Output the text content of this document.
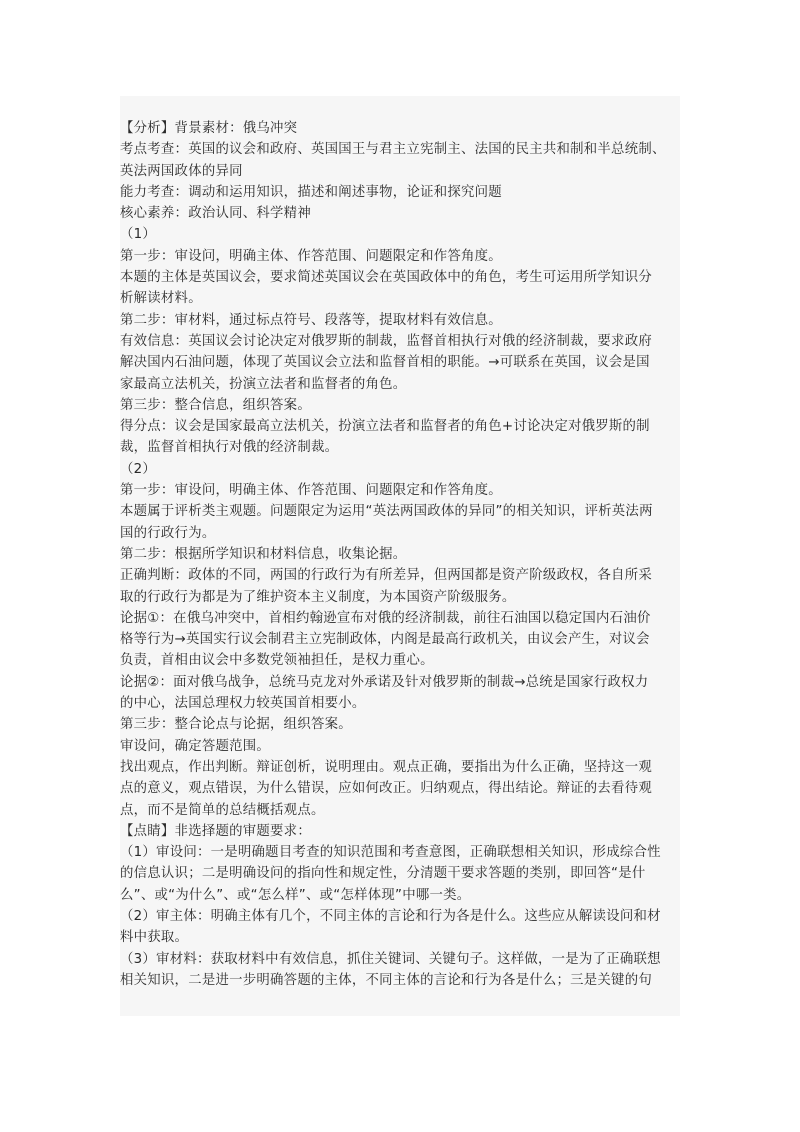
【分析】背景素材：俄乌冲突
考点考查：英国的议会和政府、英国国王与君主立宪制主、法国的民主共和制和半总统制、
英法两国政体的异同
能力考查：调动和运用知识，描述和阐述事物，论证和探究问题
核心素养：政治认同、科学精神
（1）
第一步：审设问，明确主体、作答范围、问题限定和作答角度。
本题的主体是英国议会，要求简述英国议会在英国政体中的角色，考生可运用所学知识分
析解读材料。
第二步：审材料，通过标点符号、段落等，提取材料有效信息。
有效信息：英国议会讨论决定对俄罗斯的制裁，监督首相执行对俄的经济制裁，要求政府
解决国内石油问题，体现了英国议会立法和监督首相的职能。→可联系在英国，议会是国
家最高立法机关，扮演立法者和监督者的角色。
第三步：整合信息，组织答案。
得分点：议会是国家最高立法机关，扮演立法者和监督者的角色+讨论决定对俄罗斯的制
裁，监督首相执行对俄的经济制裁。
（2）
第一步：审设问，明确主体、作答范围、问题限定和作答角度。
本题属于评析类主观题。问题限定为运用“英法两国政体的异同”的相关知识，评析英法两
国的行政行为。
第二步：根据所学知识和材料信息，收集论据。
正确判断：政体的不同，两国的行政行为有所差异，但两国都是资产阶级政权，各自所采
取的行政行为都是为了维护资本主义制度，为本国资产阶级服务。
论据①：在俄乌冲突中，首相约翰逊宣布对俄的经济制裁，前往石油国以稳定国内石油价
格等行为→英国实行议会制君主立宪制政体，内阁是最高行政机关，由议会产生，对议会
负责，首相由议会中多数党领袖担任，是权力重心。
论据②：面对俄乌战争，总统马克龙对外承诺及针对俄罗斯的制裁→总统是国家行政权力
的中心，法国总理权力较英国首相要小。
第三步：整合论点与论据，组织答案。
审设问，确定答题范围。
找出观点，作出判断。辩证创析，说明理由。观点正确，要指出为什么正确，坚持这一观
点的意义，观点错误，为什么错误，应如何改正。归纳观点，得出结论。辩证的去看待观
点，而不是简单的总结概括观点。
【点睛】非选择题的审题要求：
（1）审设问：一是明确题目考查的知识范围和考查意图，正确联想相关知识，形成综合性
的信息认识；二是明确设问的指向性和规定性，分清题干要求答题的类别，即回答“是什
么”、或“为什么”、或“怎么样”、或“怎样体现”中哪一类。
（2）审主体：明确主体有几个，不同主体的言论和行为各是什么。这些应从解读设问和材
料中获取。
（3）审材料：获取材料中有效信息，抓住关键词、关键句子。这样做，一是为了正确联想
相关知识，二是进一步明确答题的主体，不同主体的言论和行为各是什么；三是关键的句
